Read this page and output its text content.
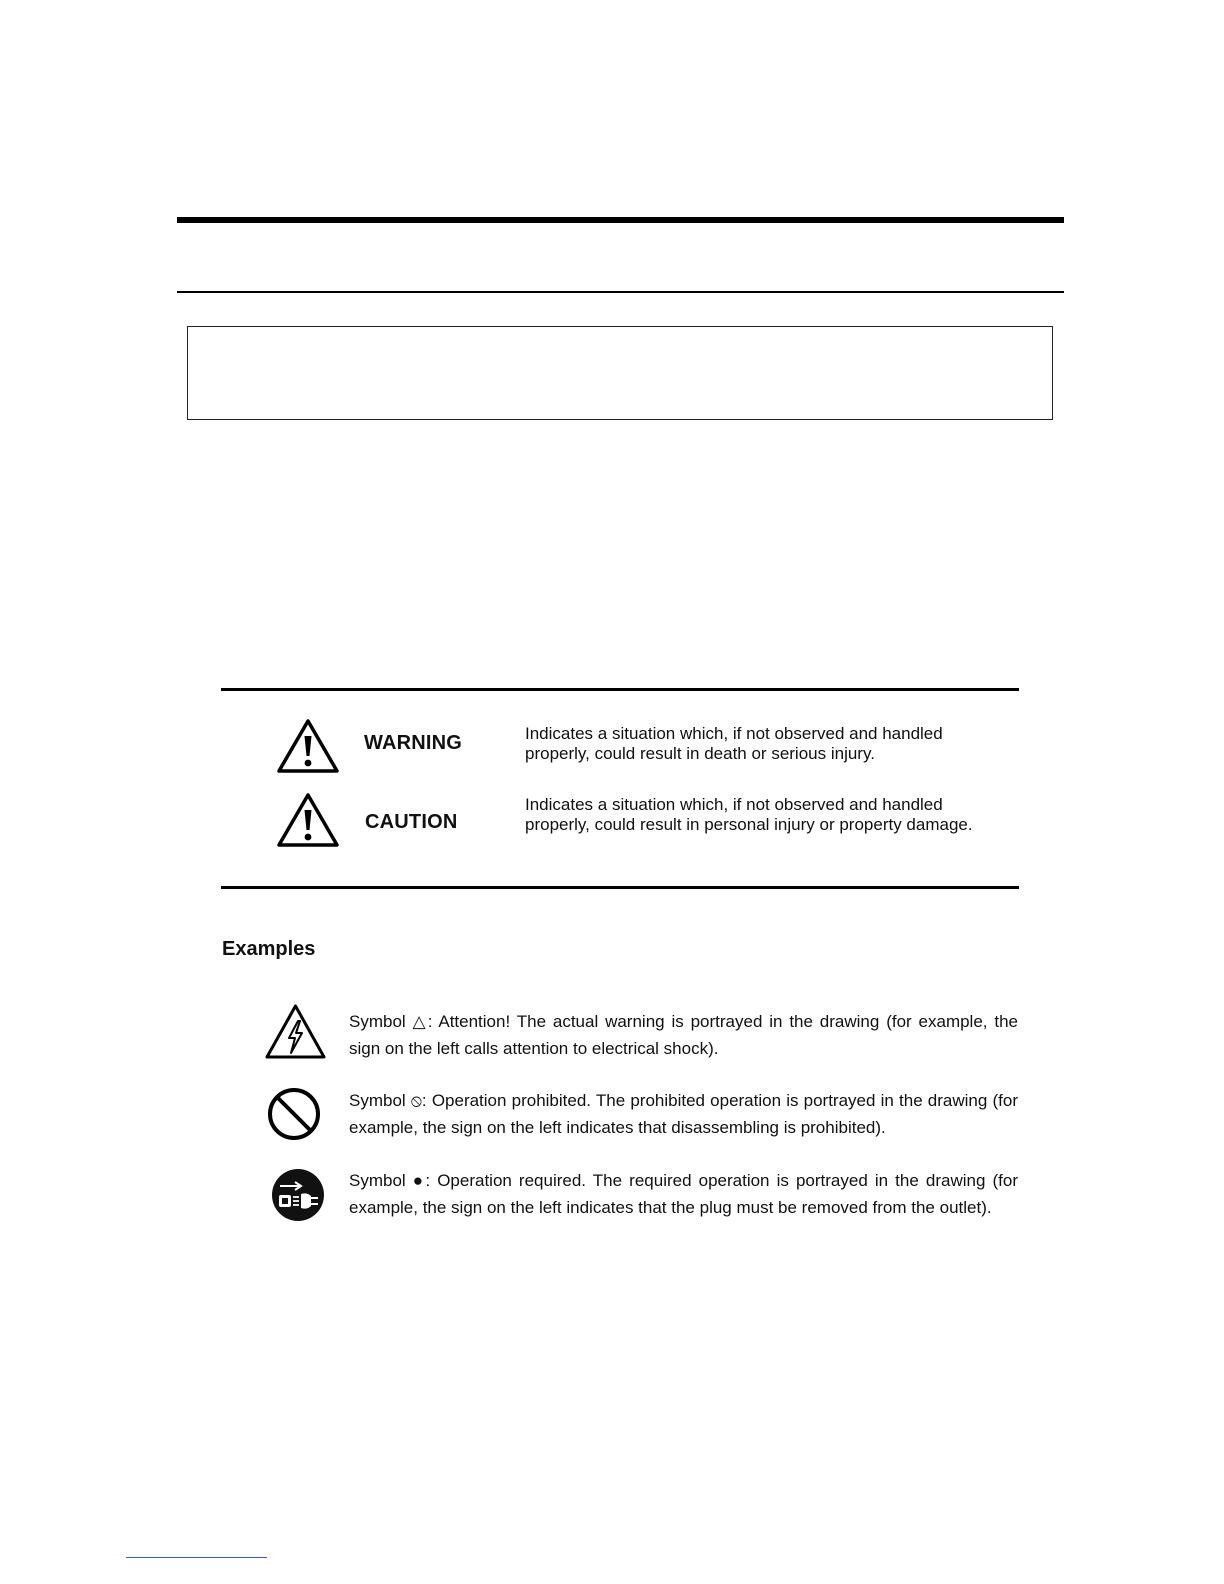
WARNING	Indicates a situation which, if not observed and handled properly, could result in death or serious injury.
CAUTION
Indicates a situation which, if not observed and handled properly, could result in personal injury or property damage.
Examples
Symbol △: Attention! The actual warning is portrayed in the drawing (for example, the sign on the left calls attention to electrical shock).
Symbol ⦸: Operation prohibited. The prohibited operation is portrayed in the drawing (for example, the sign on the left indicates that disassembling is prohibited).
Symbol ●: Operation required. The required operation is portrayed in the drawing (for example, the sign on the left indicates that the plug must be removed from the outlet).
